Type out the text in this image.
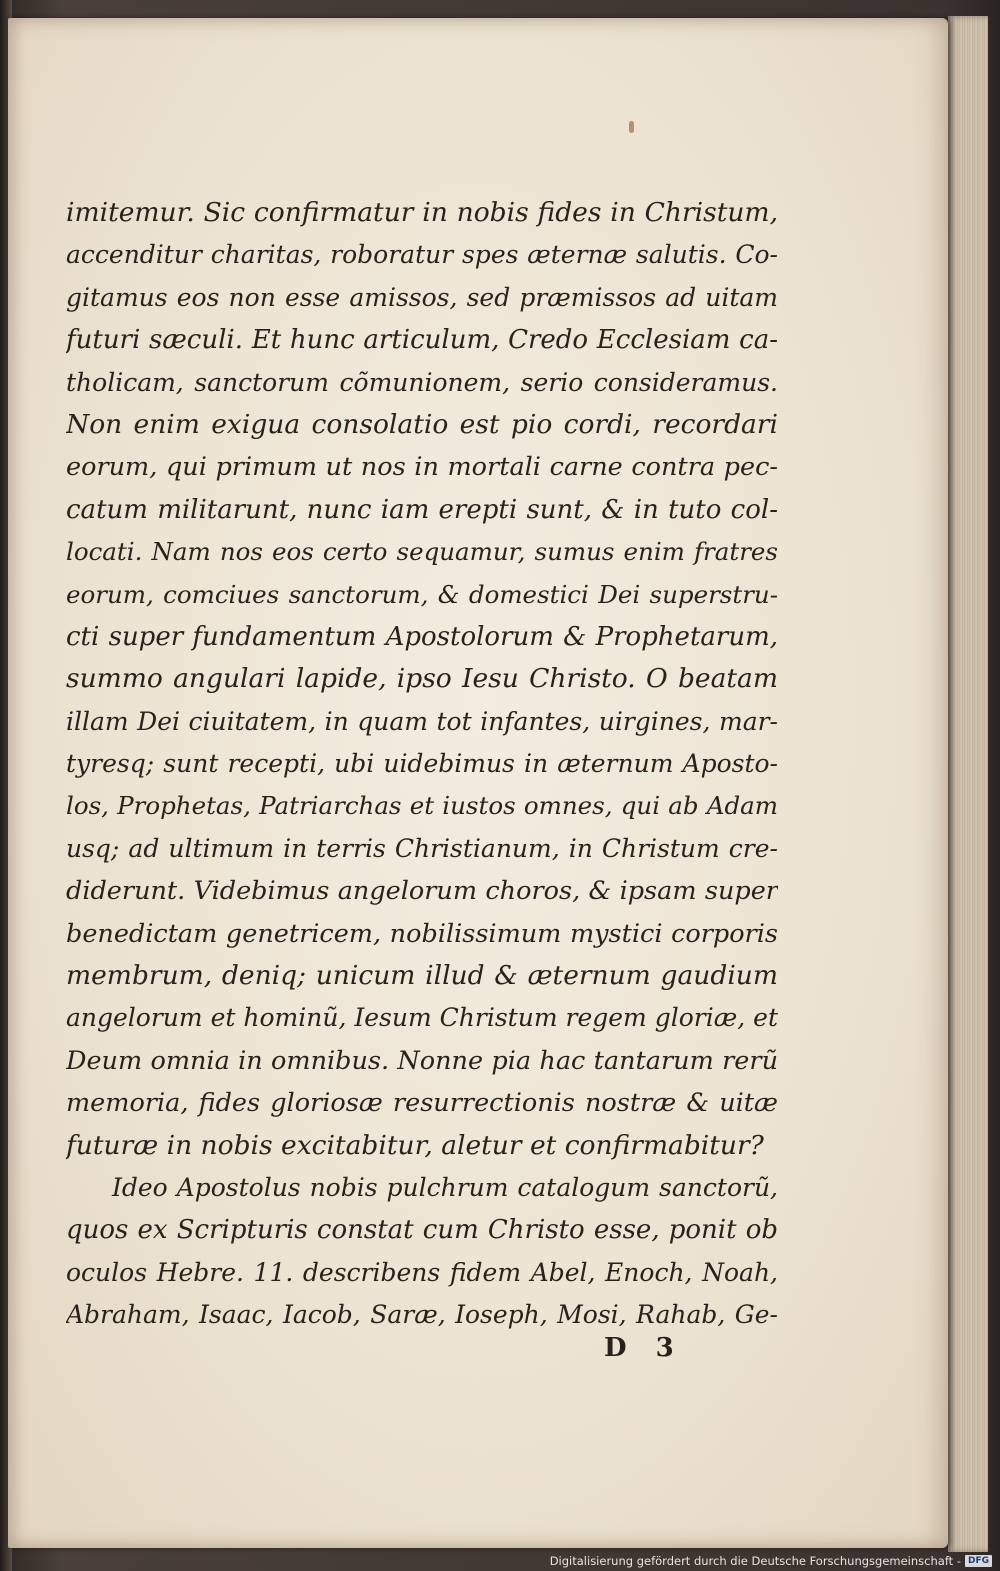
imitemur. Sic confirmatur in nobis fides in Christum,
accenditur charitas, roboratur spes æternæ salutis. Co-
gitamus eos non esse amissos, sed præmissos ad uitam
futuri sæculi. Et hunc articulum, Credo Ecclesiam ca-
tholicam, sanctorum cõmunionem, serio consideramus.
Non enim exigua consolatio est pio cordi, recordari
eorum, qui primum ut nos in mortali carne contra pec-
catum militarunt, nunc iam erepti sunt, & in tuto col-
locati. Nam nos eos certo sequamur, sumus enim fratres
eorum, comciues sanctorum, & domestici Dei superstru-
cti super fundamentum Apostolorum & Prophetarum,
summo angulari lapide, ipso Iesu Christo. O beatam
illam Dei ciuitatem, in quam tot infantes, uirgines, mar-
tyresq; sunt recepti, ubi uidebimus in æternum Aposto-
los, Prophetas, Patriarchas et iustos omnes, qui ab Adam
usq; ad ultimum in terris Christianum, in Christum cre-
diderunt. Videbimus angelorum choros, & ipsam super
benedictam genetricem, nobilissimum mystici corporis
membrum, deniq; unicum illud & æternum gaudium
angelorum et hominũ, Iesum Christum regem gloriæ, et
Deum omnia in omnibus. Nonne pia hac tantarum rerũ
memoria, fides gloriosæ resurrectionis nostræ & uitæ
futuræ in nobis excitabitur, aletur et confirmabitur?
Ideo Apostolus nobis pulchrum catalogum sanctorũ,
quos ex Scripturis constat cum Christo esse, ponit ob
oculos Hebre. 11. describens fidem Abel, Enoch, Noah,
Abraham, Isaac, Iacob, Saræ, Ioseph, Mosi, Rahab, Ge-
D 3
Digitalisierung gefördert durch die Deutsche Forschungsgemeinschaft - DFG
